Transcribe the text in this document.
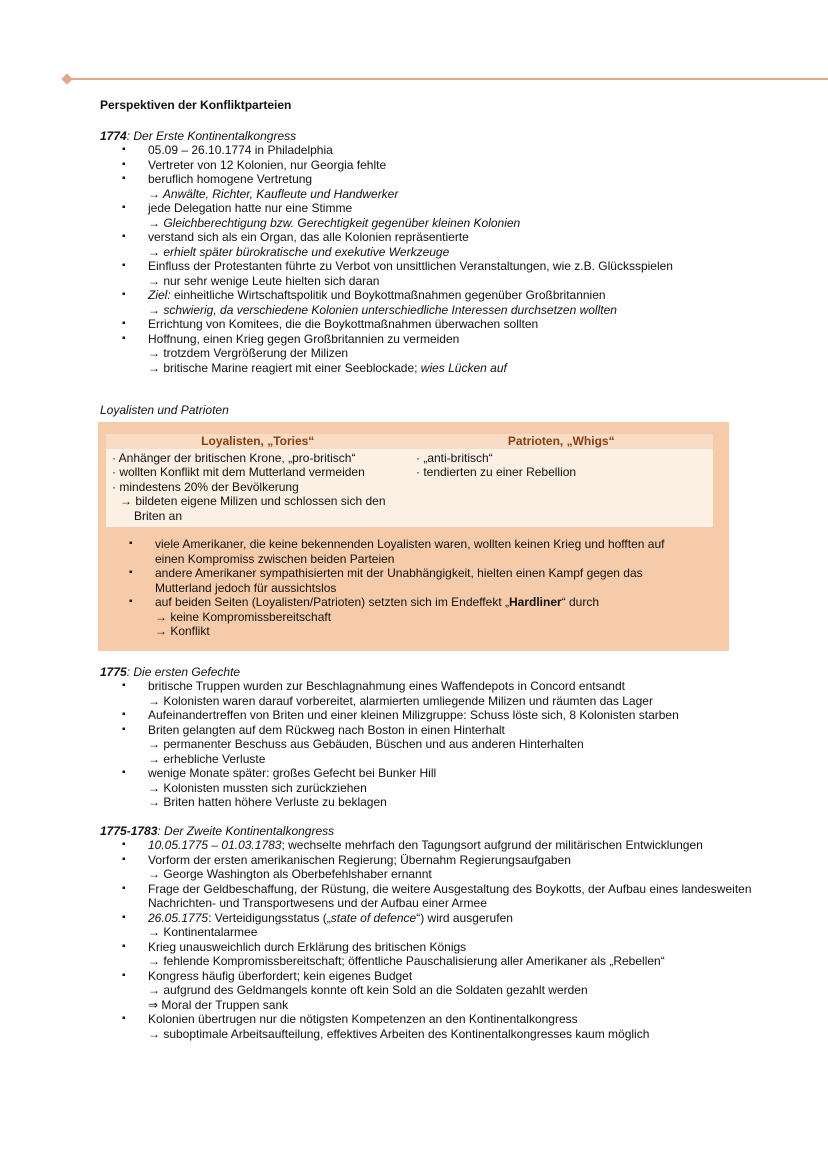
Perspektiven der Konfliktparteien

1774: Der Erste Kontinentalkongress

▪ 05.09 – 26.10.1774 in Philadelphia
▪ Vertreter von 12 Kolonien, nur Georgia fehlte
▪ beruflich homogene Vertretung
→ Anwälte, Richter, Kaufleute und Handwerker
▪ jede Delegation hatte nur eine Stimme
→ Gleichberechtigung bzw. Gerechtigkeit gegenüber kleinen Kolonien
▪ verstand sich als ein Organ, das alle Kolonien repräsentierte
→ erhielt später bürokratische und exekutive Werkzeuge
▪ Einfluss der Protestanten führte zu Verbot von unsittlichen Veranstaltungen, wie z.B. Glücksspielen
→ nur sehr wenige Leute hielten sich daran
▪ Ziel: einheitliche Wirtschaftspolitik und Boykottmaßnahmen gegenüber Großbritannien
→ schwierig, da verschiedene Kolonien unterschiedliche Interessen durchsetzen wollten
▪ Errichtung von Komitees, die die Boykottmaßnahmen überwachen sollten
▪ Hoffnung, einen Krieg gegen Großbritannien zu vermeiden
→ trotzdem Vergrößerung der Milizen
→ britische Marine reagiert mit einer Seeblockade; wies Lücken auf

Loyalisten und Patrioten

Loyalisten, „Tories“	Patrioten, „Whigs“
· Anhänger der britischen Krone, „pro-britisch“
· wollten Konflikt mit dem Mutterland vermeiden
· mindestens 20% der Bevölkerung
→ bildeten eigene Milizen und schlossen sich den
Briten an
· „anti-britisch“
· tendierten zu einer Rebellion
▪ viele Amerikaner, die keine bekennenden Loyalisten waren, wollten keinen Krieg und hofften auf einen Kompromiss zwischen beiden Parteien
▪ andere Amerikaner sympathisierten mit der Unabhängigkeit, hielten einen Kampf gegen das Mutterland jedoch für aussichtslos
▪ auf beiden Seiten (Loyalisten/Patrioten) setzten sich im Endeffekt „Hardliner“ durch
→ keine Kompromissbereitschaft
→ Konflikt

1775: Die ersten Gefechte

▪ britische Truppen wurden zur Beschlagnahmung eines Waffendepots in Concord entsandt
→ Kolonisten waren darauf vorbereitet, alarmierten umliegende Milizen und räumten das Lager
▪ Aufeinandertreffen von Briten und einer kleinen Milizgruppe: Schuss löste sich, 8 Kolonisten starben
▪ Briten gelangten auf dem Rückweg nach Boston in einen Hinterhalt
→ permanenter Beschuss aus Gebäuden, Büschen und aus anderen Hinterhalten
→ erhebliche Verluste
▪ wenige Monate später: großes Gefecht bei Bunker Hill
→ Kolonisten mussten sich zurückziehen
→ Briten hatten höhere Verluste zu beklagen

1775-1783: Der Zweite Kontinentalkongress

▪ 10.05.1775 – 01.03.1783; wechselte mehrfach den Tagungsort aufgrund der militärischen Entwicklungen
▪ Vorform der ersten amerikanischen Regierung; Übernahm Regierungsaufgaben
→ George Washington als Oberbefehlshaber ernannt
▪ Frage der Geldbeschaffung, der Rüstung, die weitere Ausgestaltung des Boykotts, der Aufbau eines landesweiten Nachrichten- und Transportwesens und der Aufbau einer Armee
▪ 26.05.1775: Verteidigungsstatus („state of defence“) wird ausgerufen
→ Kontinentalarmee
▪ Krieg unausweichlich durch Erklärung des britischen Königs
→ fehlende Kompromissbereitschaft; öffentliche Pauschalisierung aller Amerikaner als „Rebellen“
▪ Kongress häufig überfordert; kein eigenes Budget
→ aufgrund des Geldmangels konnte oft kein Sold an die Soldaten gezahlt werden
⇒ Moral der Truppen sank
▪ Kolonien übertrugen nur die nötigsten Kompetenzen an den Kontinentalkongress
→ suboptimale Arbeitsaufteilung, effektives Arbeiten des Kontinentalkongresses kaum möglich
